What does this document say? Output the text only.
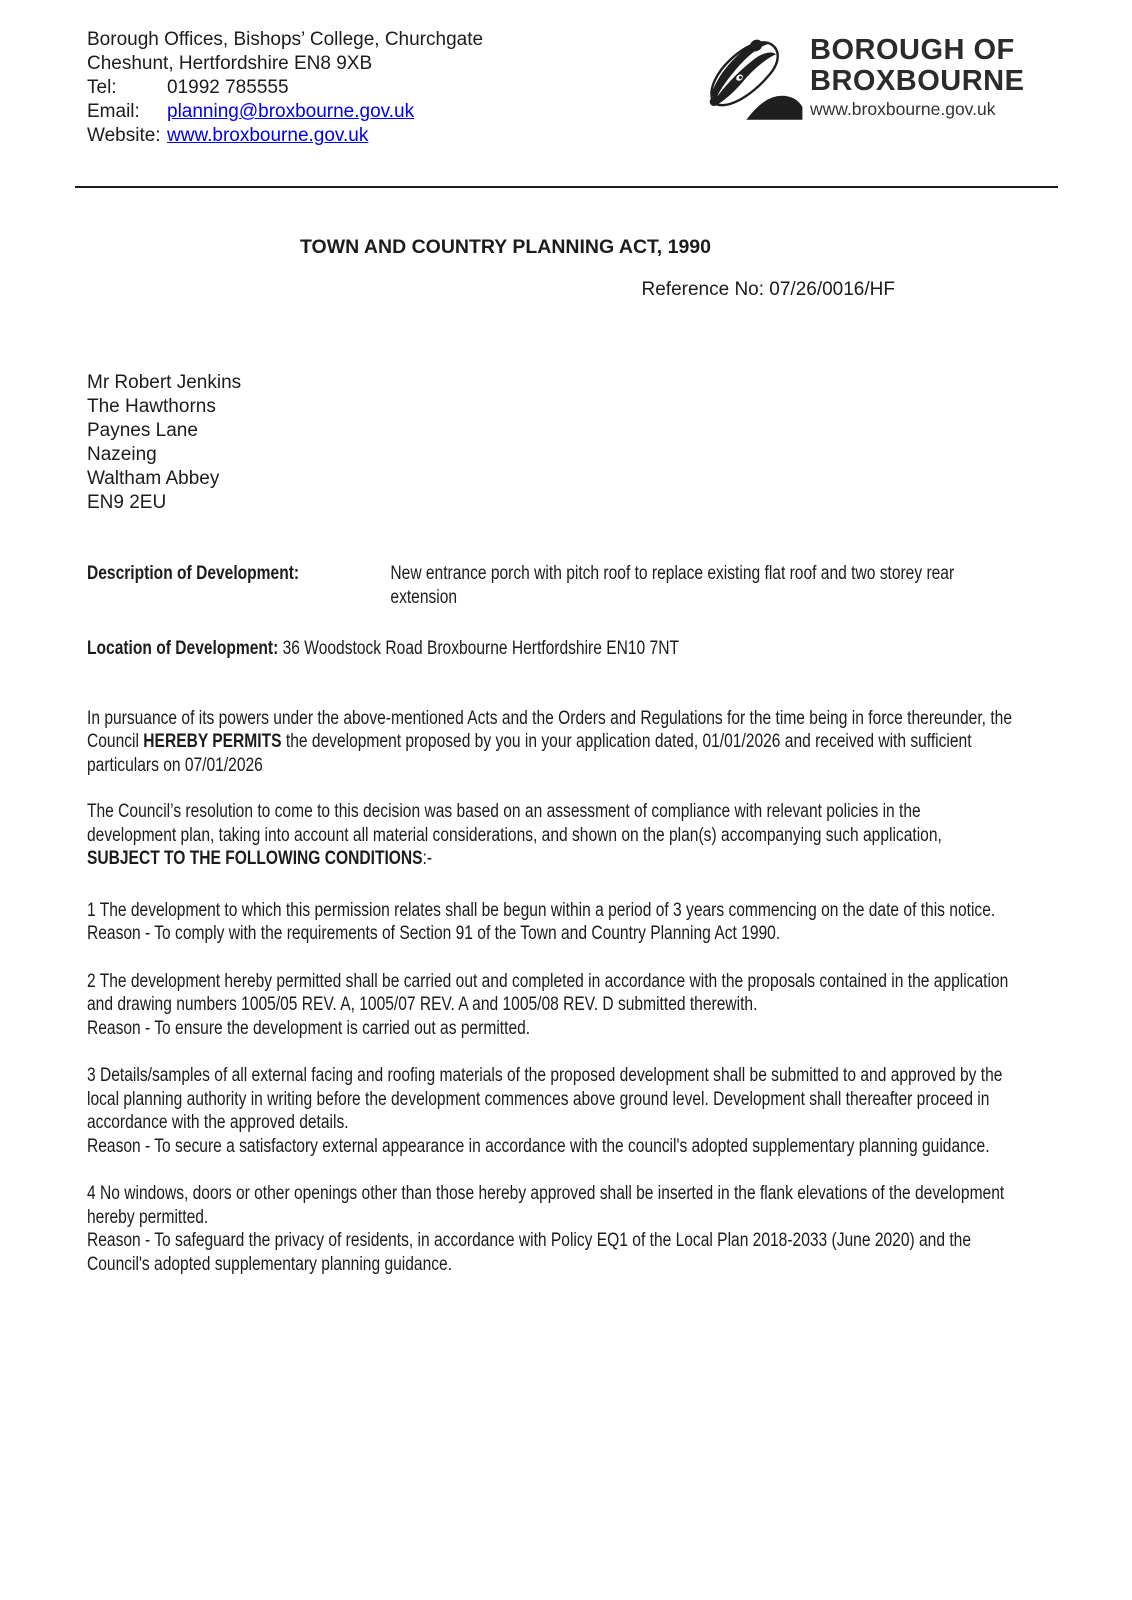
Borough Offices, Bishops’ College, Churchgate
Cheshunt, Hertfordshire EN8 9XB
Tel:	01992 785555
Email: planning@broxbourne.gov.uk
Website: www.broxbourne.gov.uk
BOROUGH OF
BROXBOURNE
www.broxbourne.gov.uk
TOWN AND COUNTRY PLANNING ACT, 1990
Reference No: 07/26/0016/HF
Mr Robert Jenkins
The Hawthorns
Paynes Lane
Nazeing
Waltham Abbey
EN9 2EU
Description of Development:	New entrance porch with pitch roof to replace existing flat roof and two storey rear extension
Location of Development: 36 Woodstock Road Broxbourne Hertfordshire EN10 7NT
In pursuance of its powers under the above-mentioned Acts and the Orders and Regulations for the time being in force thereunder, the Council HEREBY PERMITS the development proposed by you in your application dated, 01/01/2026 and received with sufficient particulars on 07/01/2026
The Council’s resolution to come to this decision was based on an assessment of compliance with relevant policies in the development plan, taking into account all material considerations, and shown on the plan(s) accompanying such application, SUBJECT TO THE FOLLOWING CONDITIONS:-
1 The development to which this permission relates shall be begun within a period of 3 years commencing on the date of this notice.
Reason - To comply with the requirements of Section 91 of the Town and Country Planning Act 1990.
2 The development hereby permitted shall be carried out and completed in accordance with the proposals contained in the application and drawing numbers 1005/05 REV. A, 1005/07 REV. A and 1005/08 REV. D submitted therewith.
Reason - To ensure the development is carried out as permitted.
3 Details/samples of all external facing and roofing materials of the proposed development shall be submitted to and approved by the local planning authority in writing before the development commences above ground level. Development shall thereafter proceed in accordance with the approved details.
Reason - To secure a satisfactory external appearance in accordance with the council's adopted supplementary planning guidance.
4 No windows, doors or other openings other than those hereby approved shall be inserted in the flank elevations of the development hereby permitted.
Reason - To safeguard the privacy of residents, in accordance with Policy EQ1 of the Local Plan 2018-2033 (June 2020) and the Council's adopted supplementary planning guidance.
